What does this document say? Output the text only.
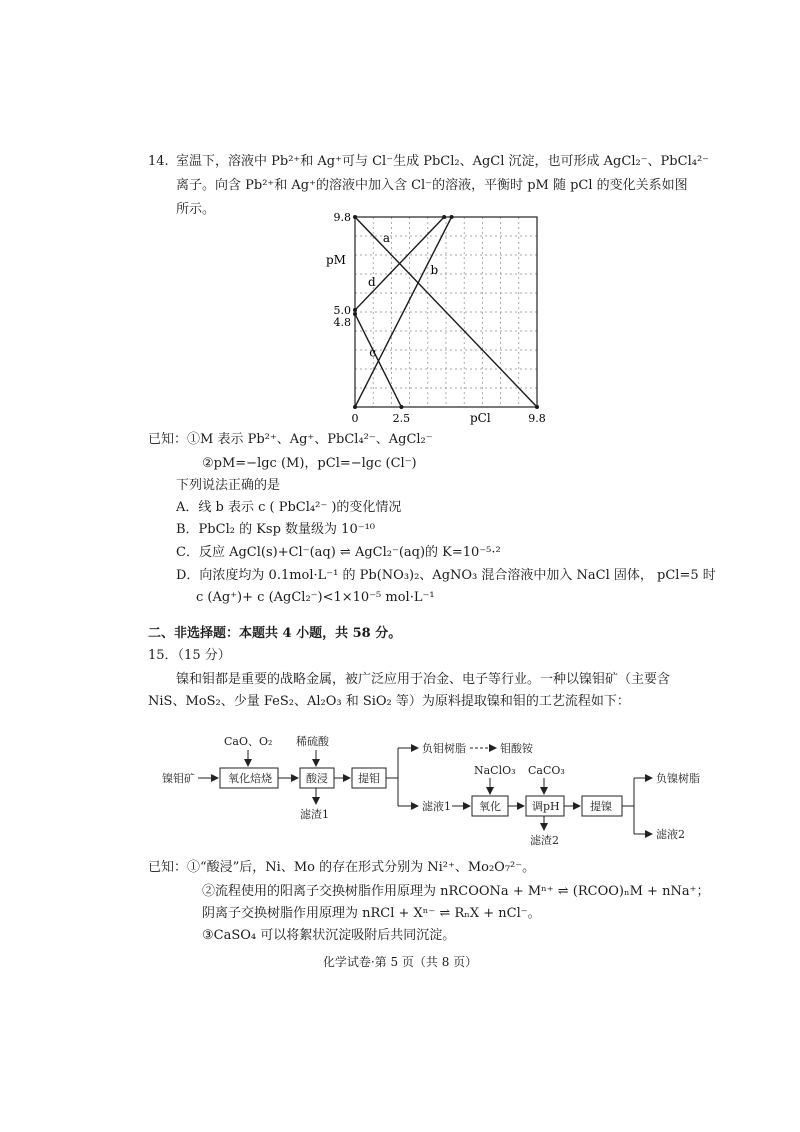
14. 室温下，溶液中 Pb²⁺和 Ag⁺可与 Cl⁻生成 PbCl₂、AgCl 沉淀，也可形成 AgCl₂⁻、PbCl₄²⁻
离子。向含 Pb²⁺和 Ag⁺的溶液中加入含 Cl⁻的溶液，平衡时 pM 随 pCl 的变化关系如图
所示。
a
b
c
d
9.8
5.0
4.8
0	2.5	9.8
pM
pCl
已知：①M 表示 Pb²⁺、Ag⁺、PbCl₄²⁻、AgCl₂⁻
②pM=−lgc (M)，pCl=−lgc (Cl⁻)
下列说法正确的是
A．线 b 表示 c ( PbCl₄²⁻ )的变化情况
B．PbCl₂ 的 Ksp 数量级为 10⁻¹⁰
C．反应 AgCl(s)+Cl⁻(aq) ⇌ AgCl₂⁻(aq)的 K=10⁻⁵·²
D．向浓度均为 0.1mol·L⁻¹ 的 Pb(NO₃)₂、AgNO₃ 混合溶液中加入 NaCl 固体， pCl=5 时
c (Ag⁺)+ c (AgCl₂⁻)<1×10⁻⁵ mol·L⁻¹
二、非选择题：本题共 4 小题，共 58 分。
15．（15 分）
镍和钼都是重要的战略金属，被广泛应用于冶金、电子等行业。一种以镍钼矿（主要含
NiS、MoS₂、少量 FeS₂、Al₂O₃ 和 SiO₂ 等）为原料提取镍和钼的工艺流程如下：
镍钼矿
CaO、O₂
氧化焙烧
稀硫酸
酸浸
滤渣1
提钼
负钼树脂	钼酸铵
滤液1
NaClO₃
氧化
CaCO₃
调pH
滤渣2
提镍
负镍树脂
滤液2
已知：①“酸浸”后，Ni、Mo 的存在形式分别为 Ni²⁺、Mo₂O₇²⁻。
②流程使用的阳离子交换树脂作用原理为 nRCOONa + Mⁿ⁺ ⇌ (RCOO)ₙM + nNa⁺；
阴离子交换树脂作用原理为 nRCl + Xⁿ⁻ ⇌ RₙX + nCl⁻。
③CaSO₄ 可以将絮状沉淀吸附后共同沉淀。
化学试卷·第 5 页（共 8 页）
